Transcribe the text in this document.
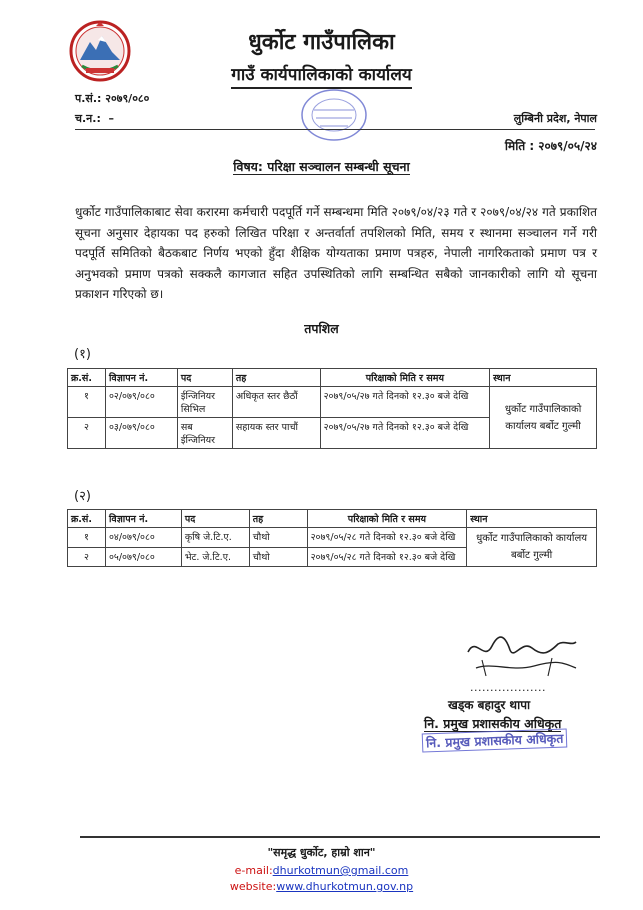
धुर्कोट गाउँपालिका
गाउँ कार्यपालिकाको कार्यालय
प.सं.: २०७९/०८०
च.न.: –	लुम्बिनी प्रदेश, नेपाल
मिति : २०७९/०५/२४
विषय: परिक्षा सञ्चालन सम्बन्धी सूचना
धुर्कोट गाउँपालिकाबाट सेवा करारमा कर्मचारी पदपूर्ति गर्ने सम्बन्धमा मिति २०७९/०४/२३ गते र २०७९/०४/२४ गते प्रकाशित सूचना अनुसार देहायका पद हरुको लिखित परिक्षा र अन्तर्वार्ता तपशिलको मिति, समय र स्थानमा सञ्चालन गर्ने गरी पदपूर्ति समितिको बैठकबाट निर्णय भएको हुँदा शैक्षिक योग्यताका प्रमाण पत्रहरु, नेपाली नागरिकताको प्रमाण पत्र र अनुभवको प्रमाण पत्रको सक्कलै कागजात सहित उपस्थितिको लागि सम्बन्धित सबैको जानकारीको लागि यो सूचना प्रकाशन गरिएको छ।
तपशिल
(१)
क्र.सं.	विज्ञापन नं.	पद	तह	परिक्षाको मिति र समय	स्थान
१	०२/०७९/०८०	ईन्जिनियर सिभिल	अधिकृत स्तर छैठौं	२०७९/०५/२७ गते दिनको १२.३० बजे देखि	धुर्कोट गाउँपालिकाको कार्यालय बर्बोट गुल्मी
२	०३/०७९/०८०	सब ईन्जिनियर	सहायक स्तर पाचौं	२०७९/०५/२७ गते दिनको १२.३० बजे देखि	
(२)
क्र.सं.	विज्ञापन नं.	पद	तह	परिक्षाको मिति र समय	स्थान
१	०४/०७९/०८०	कृषि जे.टि.ए.	चौथो	२०७९/०५/२८ गते दिनको १२.३० बजे देखि	धुर्कोट गाउँपालिकाको कार्यालय बर्बोट गुल्मी
२	०५/०७९/०८०	भेट. जे.टि.ए.	चौथो	२०७९/०५/२८ गते दिनको १२.३० बजे देखि	
...................
खड्क बहादुर थापा
नि. प्रमुख प्रशासकीय अधिकृत
नि. प्रमुख प्रशासकीय अधिकृत
"समृद्ध धुर्कोट, हाम्रो शान"
e-mail:dhurkotmun@gmail.com
website:www.dhurkotmun.gov.np
